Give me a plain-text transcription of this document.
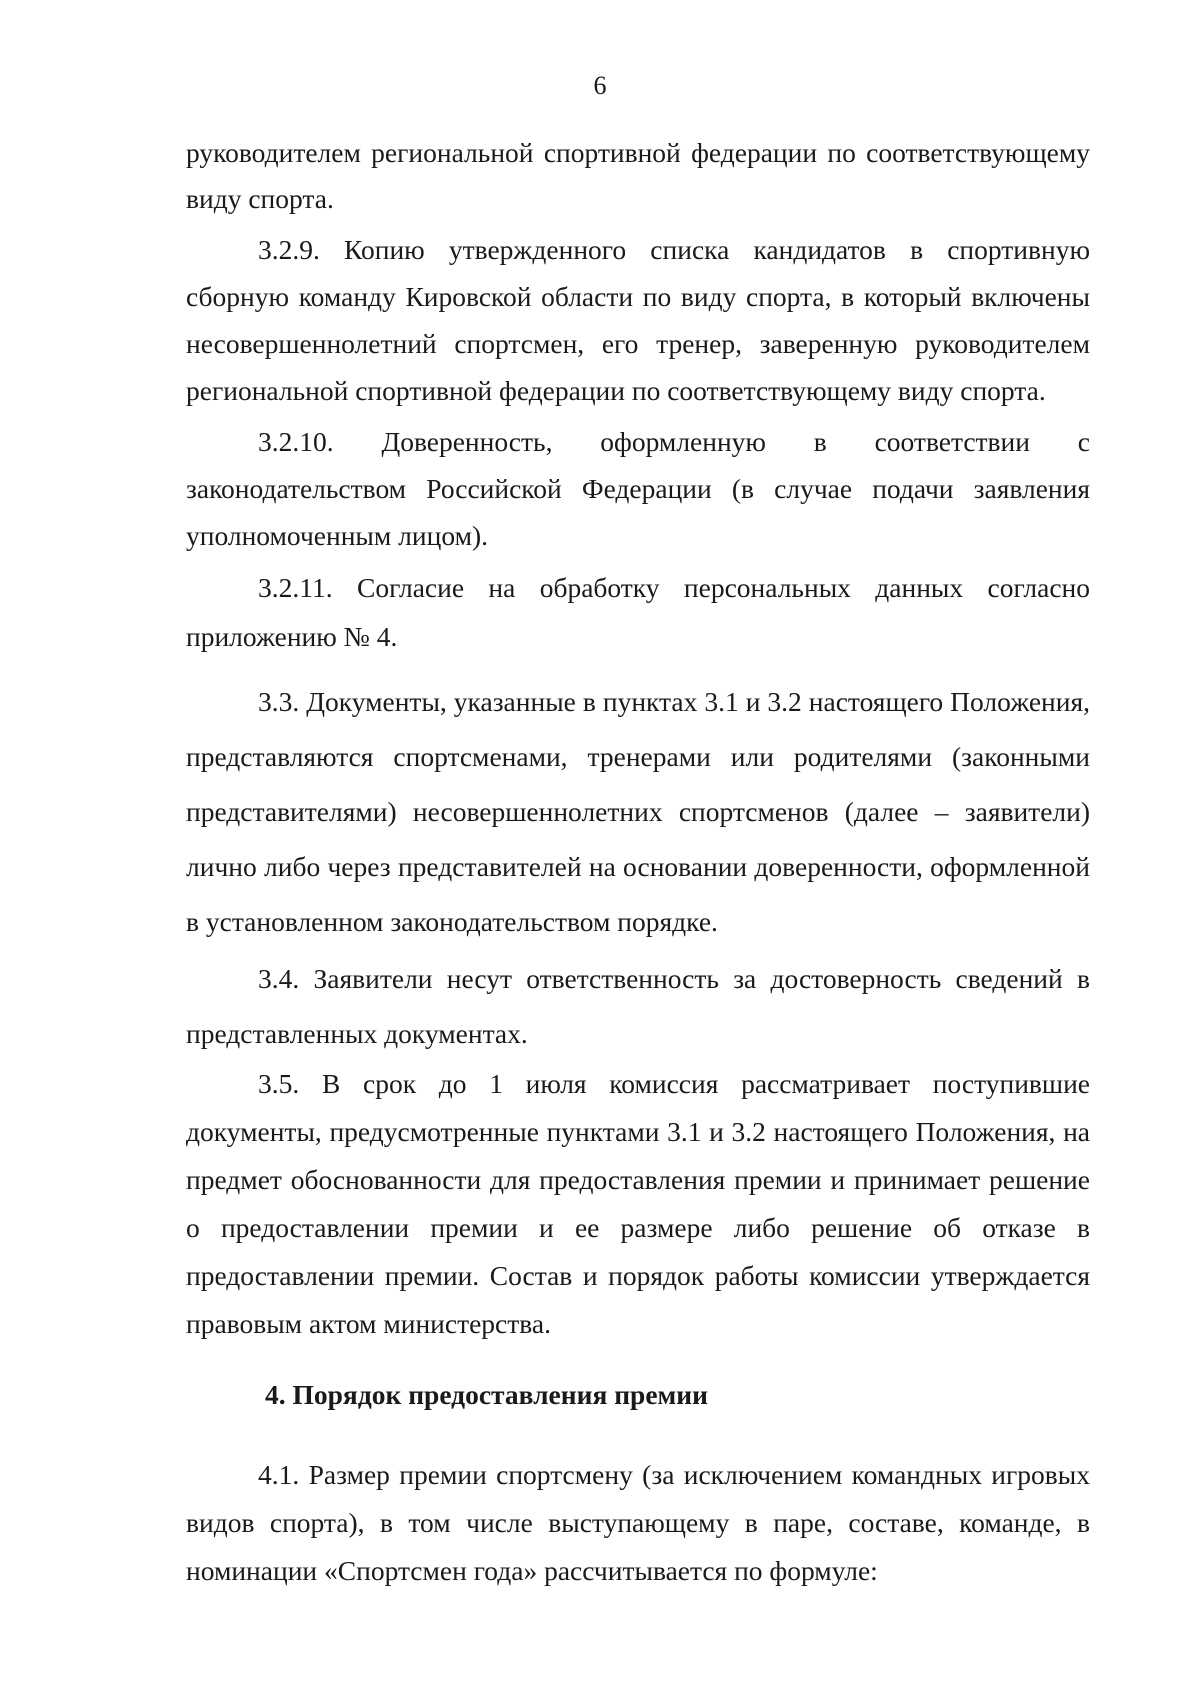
6

руководителем региональной спортивной федерации по соответствующему виду спорта.

3.2.9. Копию утвержденного списка кандидатов в спортивную сборную команду Кировской области по виду спорта, в который включены несовершеннолетний спортсмен, его тренер, заверенную руководителем региональной спортивной федерации по соответствующему виду спорта.

3.2.10. Доверенность, оформленную в соответствии с законодательством Российской Федерации (в случае подачи заявления уполномоченным лицом).

3.2.11. Согласие на обработку персональных данных согласно приложению № 4.

3.3. Документы, указанные в пунктах 3.1 и 3.2 настоящего Положения, представляются спортсменами, тренерами или родителями (законными представителями) несовершеннолетних спортсменов (далее – заявители) лично либо через представителей на основании доверенности, оформленной в установленном законодательством порядке.

3.4. Заявители несут ответственность за достоверность сведений в представленных документах.

3.5. В срок до 1 июля комиссия рассматривает поступившие документы, предусмотренные пунктами 3.1 и 3.2 настоящего Положения, на предмет обоснованности для предоставления премии и принимает решение о предоставлении премии и ее размере либо решение об отказе в предоставлении премии. Состав и порядок работы комиссии утверждается правовым актом министерства.

4. Порядок предоставления премии

4.1. Размер премии спортсмену (за исключением командных игровых видов спорта), в том числе выступающему в паре, составе, команде, в номинации «Спортсмен года» рассчитывается по формуле:
